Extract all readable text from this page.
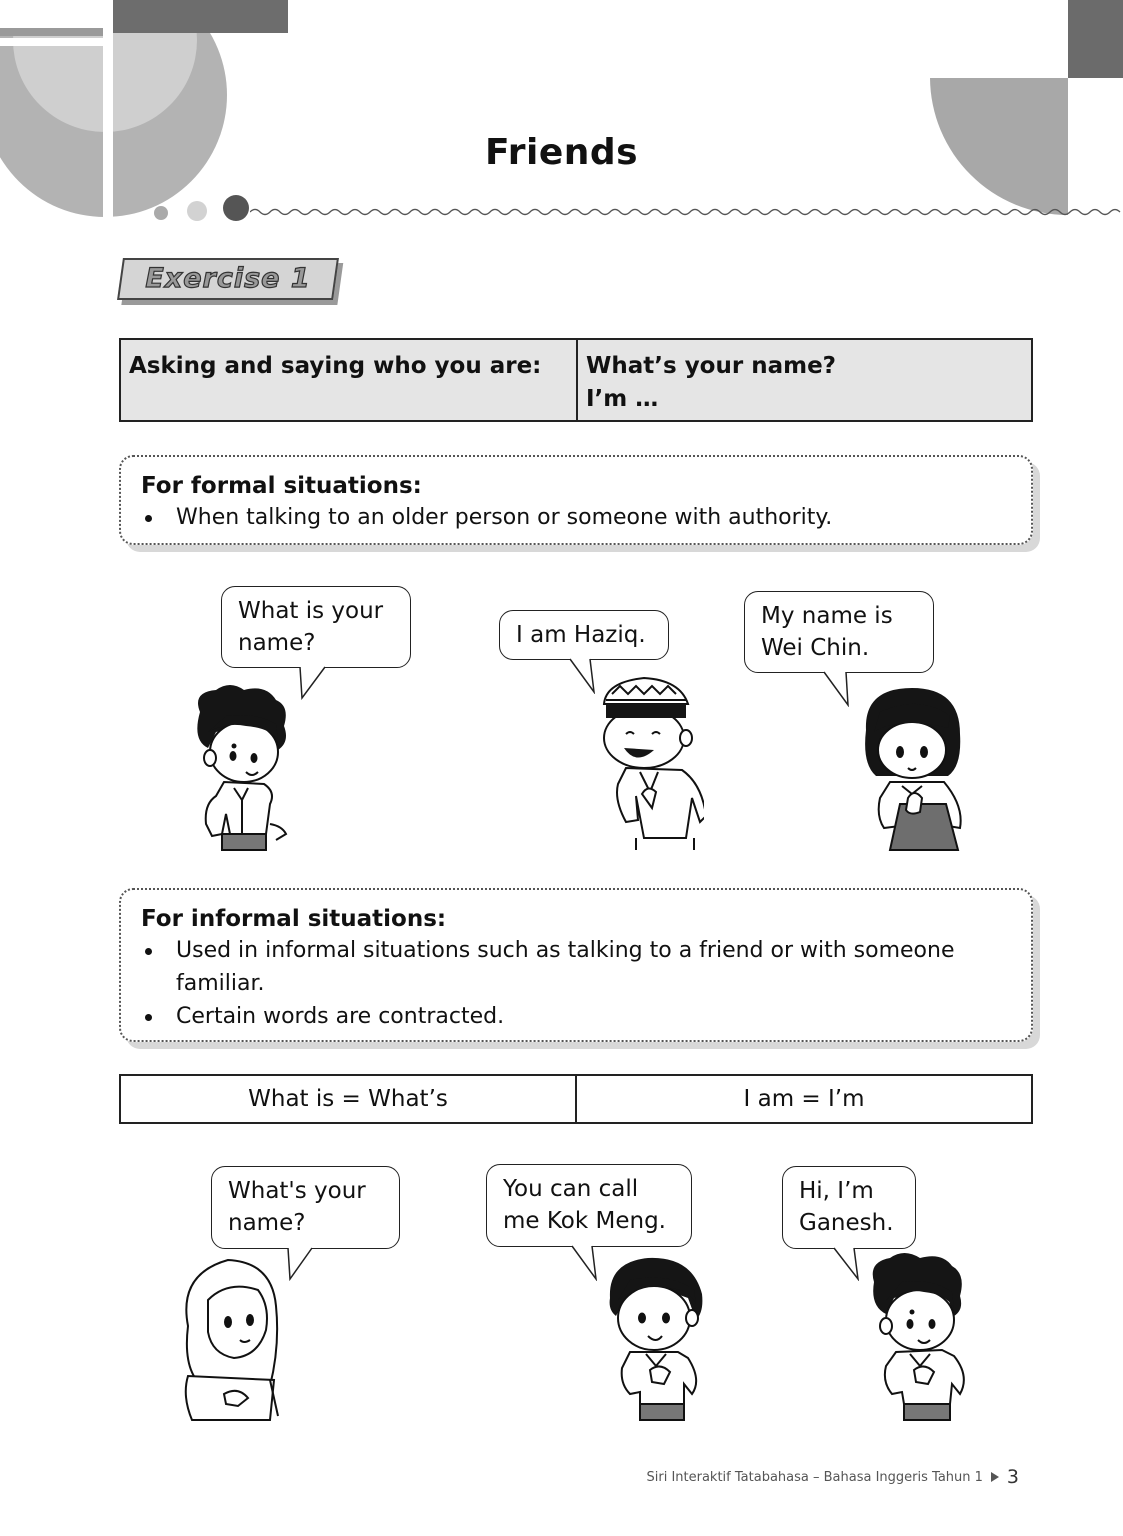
Friends
Exercise 1
Asking and saying who you are:	What’s your name?
I’m …
For formal situations:
When talking to an older person or someone with authority.
What is your
name?	I am Haziq.
My name is
Wei Chin.
For informal situations:
Used in informal situations such as talking to a friend or with someone familiar.
Certain words are contracted.
What is = What’s	I am = I’m
What's your
name?
You can call
me Kok Meng.
Hi, I’m
Ganesh.
Siri Interaktif Tatabahasa – Bahasa Inggeris Tahun 1 3
